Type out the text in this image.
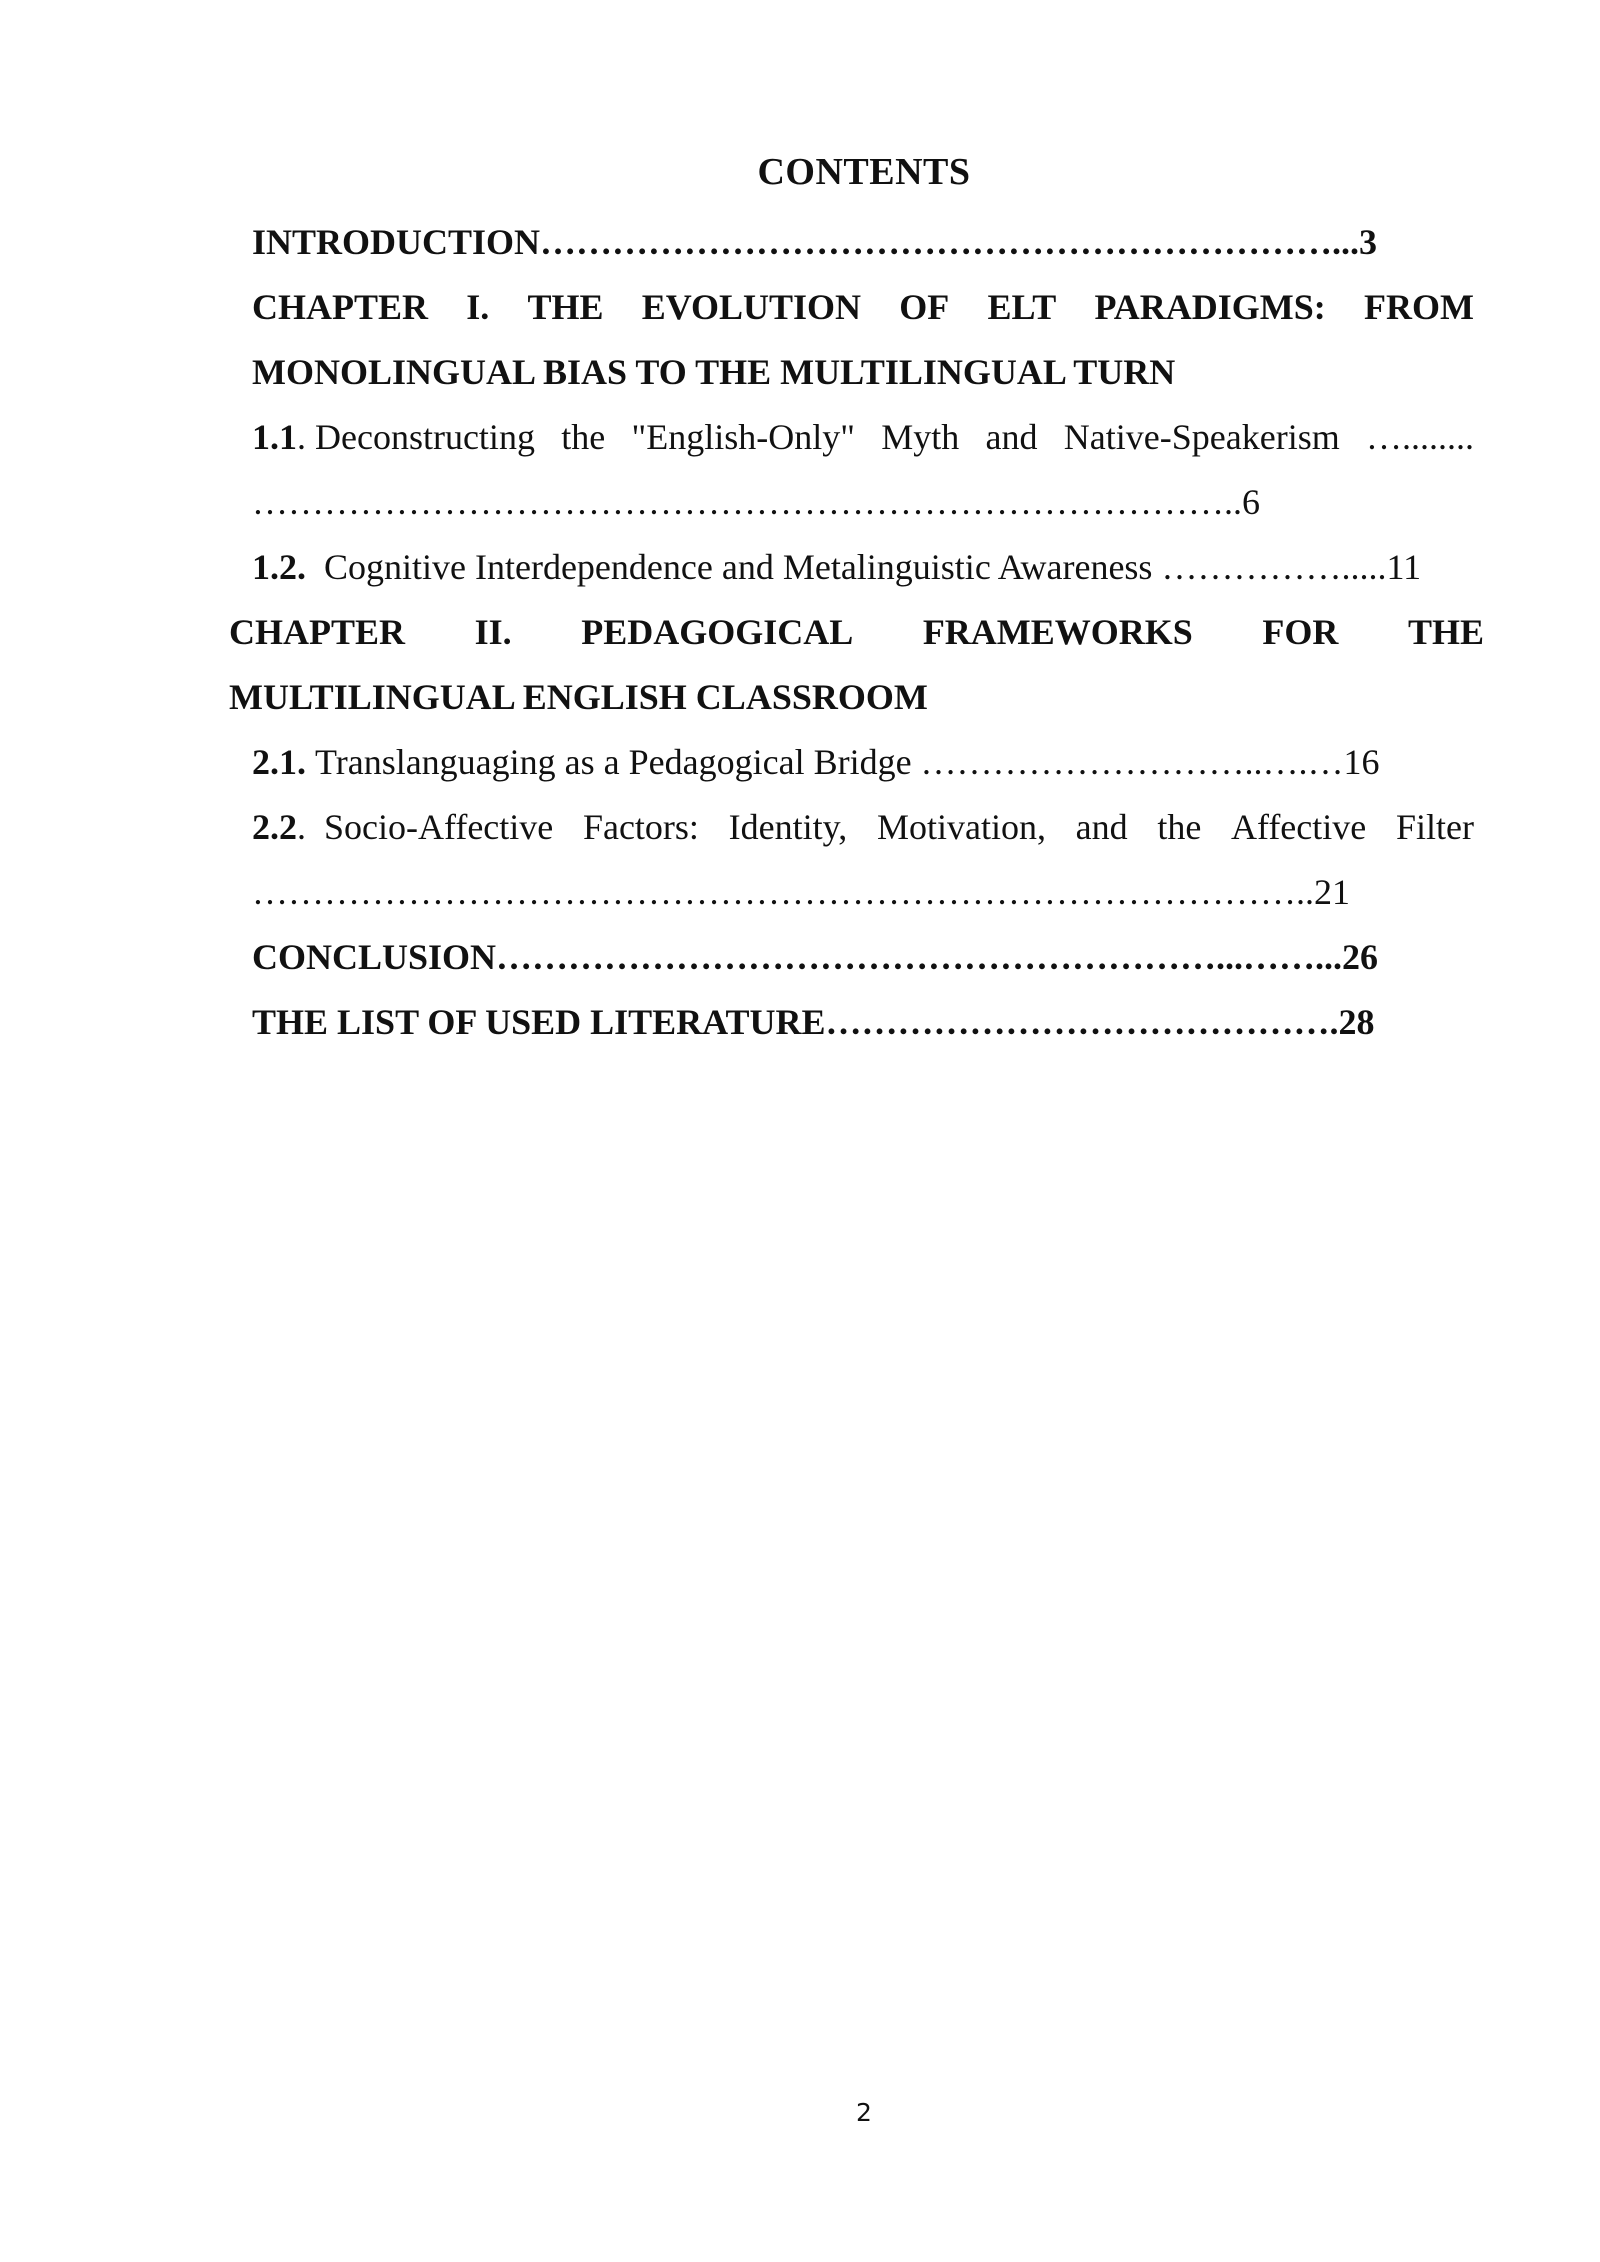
CONTENTS
INTRODUCTION…………………………………………………………...3
CHAPTER I. THE EVOLUTION OF ELT PARADIGMS: FROM
MONOLINGUAL BIAS TO THE MULTILINGUAL TURN
1.1. Deconstructing the "English-Only" Myth and Native-Speakerism …........
………………………………………………………………………..6
1.2. Cognitive Interdependence and Metalinguistic Awareness …………….....11
CHAPTER II. PEDAGOGICAL FRAMEWORKS FOR THE
MULTILINGUAL ENGLISH CLASSROOM
2.1. Translanguaging as a Pedagogical Bridge ………………………..….…16
2.2.  Socio-Affective Factors: Identity, Motivation, and the Affective Filter
……………………………………………………………………………..21
CONCLUSION……………………………………………………...……...26
THE LIST OF USED LITERATURE…………………………………….28
2
